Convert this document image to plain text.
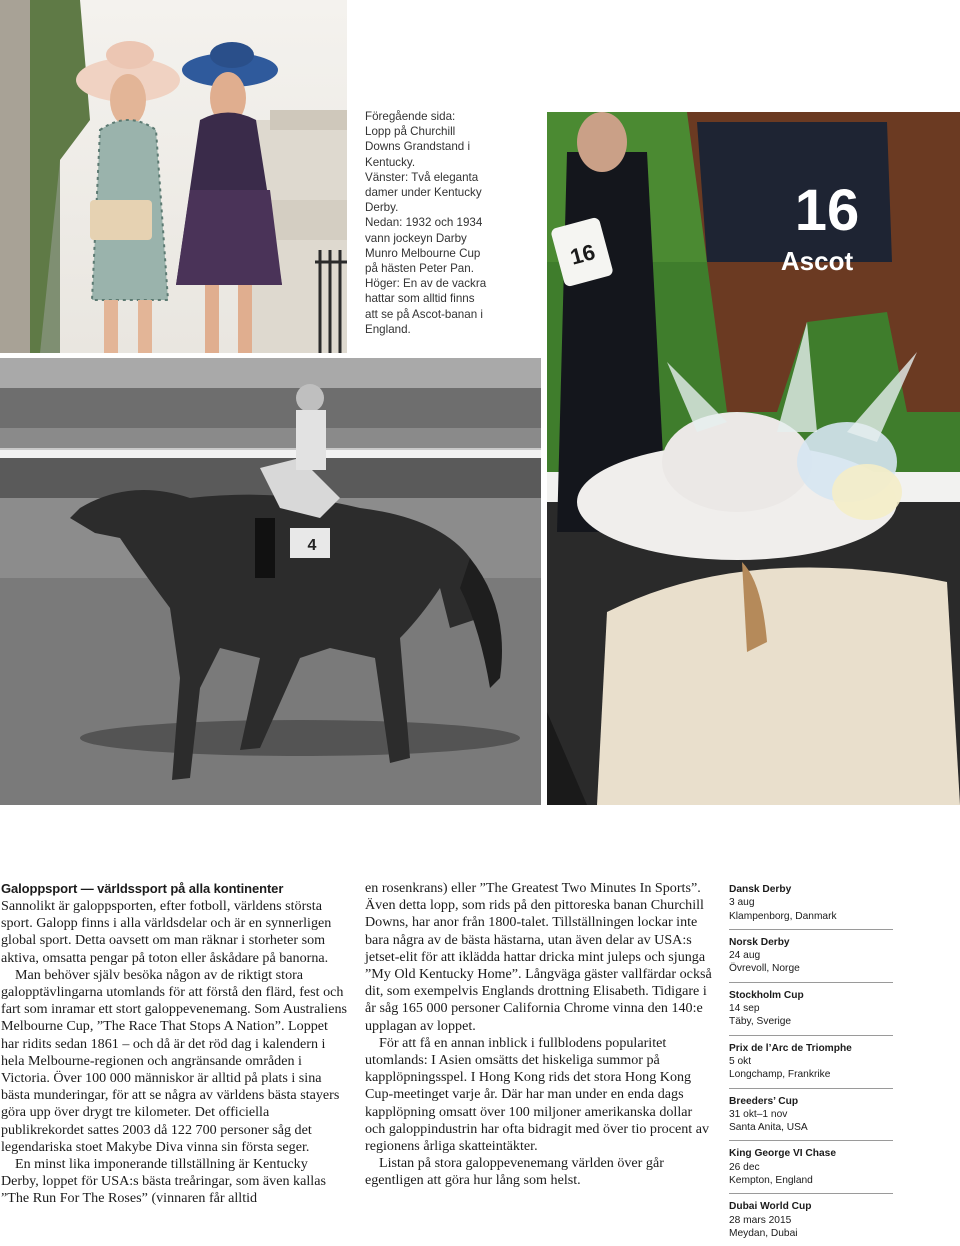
Föregående sida:

Lopp på Churchill

Downs Grandstand i

Kentucky.

Vänster: Två eleganta

damer under Kentucky

Derby.

Nedan: 1932 och 1934

vann jockeyn Darby

Munro Melbourne Cup

på hästen Peter Pan.

Höger: En av de vackra

hattar som alltid finns

att se på Ascot-banan i

England.

16
Ascot
16
4
Galoppsport — världssport på alla kontinenter

Sannolikt är galoppsporten, efter fotboll, världens största sport. Galopp finns i alla världsdelar och är en synnerligen global sport. Detta oavsett om man räknar i storheter som aktiva, omsatta pengar på toton eller åskådare på banorna.

Man behöver själv besöka någon av de riktigt stora galopptävlingarna utomlands för att förstå den flärd, fest och fart som inramar ett stort galoppevenemang. Som Australiens Melbourne Cup, ”The Race That Stops A Nation”. Loppet har ridits sedan 1861 – och då är det röd dag i kalendern i hela Melbourne-regionen och angränsande områden i Victoria. Över 100 000 människor är alltid på plats i sina bästa munderingar, för att se några av världens bästa stayers göra upp över drygt tre kilometer. Det officiella publikrekordet sattes 2003 då 122 700 personer såg det legendariska stoet Makybe Diva vinna sin första seger.

En minst lika imponerande tillställning är Kentucky Derby, loppet för USA:s bästa treåringar, som även kallas ”The Run For The Roses” (vinnaren får alltid

en rosenkrans) eller ”The Greatest Two Minutes In Sports”. Även detta lopp, som rids på den pittoreska banan Churchill Downs, har anor från 1800-talet. Tillställningen lockar inte bara några av de bästa hästarna, utan även delar av USA:s jetset-elit för att iklädda hattar dricka mint juleps och sjunga ”My Old Kentucky Home”. Långväga gäster vallfärdar också dit, som exempelvis Englands drottning Elisabeth. Tidigare i år såg 165 000 personer California Chrome vinna den 140:e upplagan av loppet.

För att få en annan inblick i fullblodens popularitet utomlands: I Asien omsätts det hiskeliga summor på kapplöpningsspel. I Hong Kong rids det stora Hong Kong Cup-meetinget varje år. Där har man under en enda dags kapplöpning omsatt över 100 miljoner amerikanska dollar och galoppindustrin har ofta bidragit med över tio procent av regionens årliga skatteintäkter.

Listan på stora galoppevenemang världen över går egentligen att göra hur lång som helst.

Dansk Derby
3 aug
Klampenborg, Danmark
Norsk Derby
24 aug
Övrevoll, Norge
Stockholm Cup
14 sep
Täby, Sverige
Prix de l’Arc de Triomphe
5 okt
Longchamp, Frankrike
Breeders’ Cup
31 okt–1 nov
Santa Anita, USA
King George VI Chase
26 dec
Kempton, England
Dubai World Cup
28 mars 2015
Meydan, Dubai
